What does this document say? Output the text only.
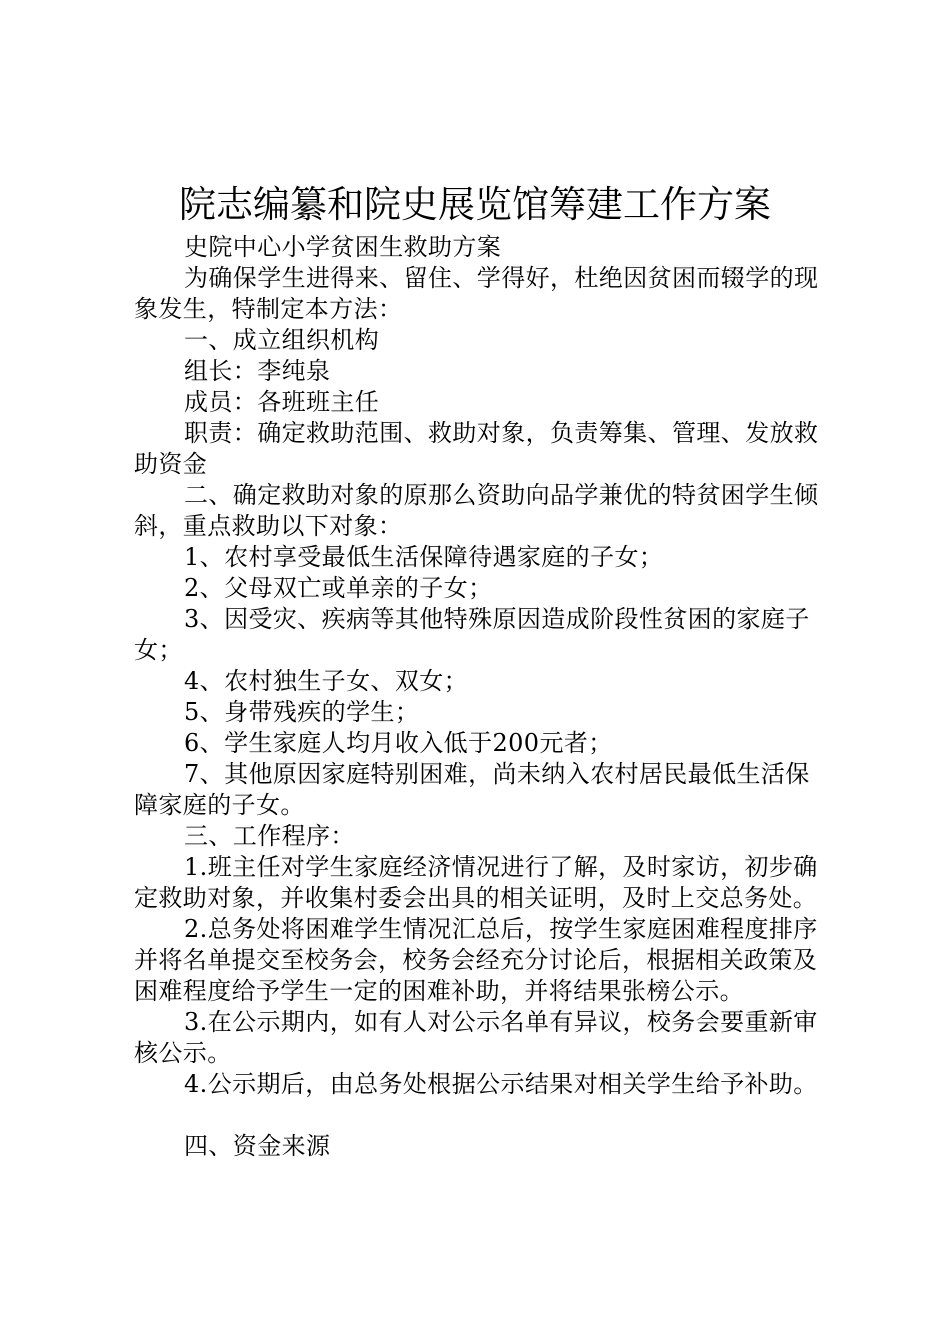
院志编纂和院史展览馆筹建工作方案

史院中心小学贫困生救助方案

为确保学生进得来、留住、学得好，杜绝因贫困而辍学的现象发生，特制定本方法：

一、成立组织机构

组长：李纯泉

成员：各班班主任

职责：确定救助范围、救助对象，负责筹集、管理、发放救助资金

二、确定救助对象的原那么资助向品学兼优的特贫困学生倾斜，重点救助以下对象：

1、农村享受最低生活保障待遇家庭的子女；

2、父母双亡或单亲的子女；

3、因受灾、疾病等其他特殊原因造成阶段性贫困的家庭子女；

4、农村独生子女、双女；

5、身带残疾的学生；

6、学生家庭人均月收入低于200元者；

7、其他原因家庭特别困难，尚未纳入农村居民最低生活保障家庭的子女。

三、工作程序：

1.班主任对学生家庭经济情况进行了解，及时家访，初步确定救助对象，并收集村委会出具的相关证明，及时上交总务处。

2.总务处将困难学生情况汇总后，按学生家庭困难程度排序并将名单提交至校务会，校务会经充分讨论后，根据相关政策及困难程度给予学生一定的困难补助，并将结果张榜公示。

3.在公示期内，如有人对公示名单有异议，校务会要重新审核公示。

4.公示期后，由总务处根据公示结果对相关学生给予补助。

四、资金来源
